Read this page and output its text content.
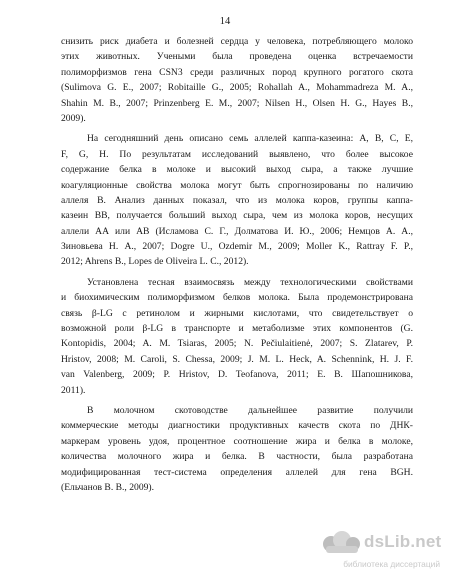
14
снизить риск диабета и болезней сердца у человека, потребляющего молоко
этих животных. Учеными была проведена оценка встречаемости
полиморфизмов гена CSN3 среди различных пород крупного рогатого скота
(Sulimova G. E., 2007; Robitaille G., 2005; Rohallah A., Mohammadreza M. A.,
Shahin M. B., 2007; Prinzenberg E. M., 2007; Nilsen H., Olsen H. G., Hayes B.,
2009).
На сегодняшний день описано семь аллелей каппа-казеина: A, B, C, E,
F, G, H. По результатам исследований выявлено, что более высокое
содержание белка в молоке и высокий выход сыра, а также лучшие
коагуляционные свойства молока могут быть спрогнозированы по наличию
аллеля B. Анализ данных показал, что из молока коров, группы каппа-
казеин ВВ, получается больший выход сыра, чем из молока коров, несущих
аллели АА или АВ (Исламова С. Г., Долматова И. Ю., 2006; Немцов А. А.,
Зиновьева Н. А., 2007; Dogre U., Ozdemir M., 2009; Moller K., Rattray F. P.,
2012; Ahrens B., Lopes de Oliveira L. C., 2012).
Установлена тесная взаимосвязь между технологическими свойствами
и биохимическим полиморфизмом белков молока. Была продемонстрирована
связь β-LG с ретинолом и жирными кислотами, что свидетельствует о
возможной роли β-LG в транспорте и метаболизме этих компонентов (G.
Kontopidis, 2004; A. M. Tsiaras, 2005; N. Pečiulaitienė, 2007; S. Zlatarev, P.
Hristov, 2008; M. Caroli, S. Chessa, 2009; J. M. L. Heck, A. Schennink, H. J. F.
van Valenberg, 2009; P. Hristov, D. Teofanova, 2011; Е. В. Шапошникова,
2011).
В молочном скотоводстве дальнейшее развитие получили
коммерческие методы диагностики продуктивных качеств скота по ДНК-
маркерам уровень удоя, процентное соотношение жира и белка в молоке,
количества молочного жира и белка. В частности, была разработана
модифицированная тест-система определения аллелей для гена BGH.
(Ельчанов В. В., 2009).
dsLib.net
библиотека диссертаций
